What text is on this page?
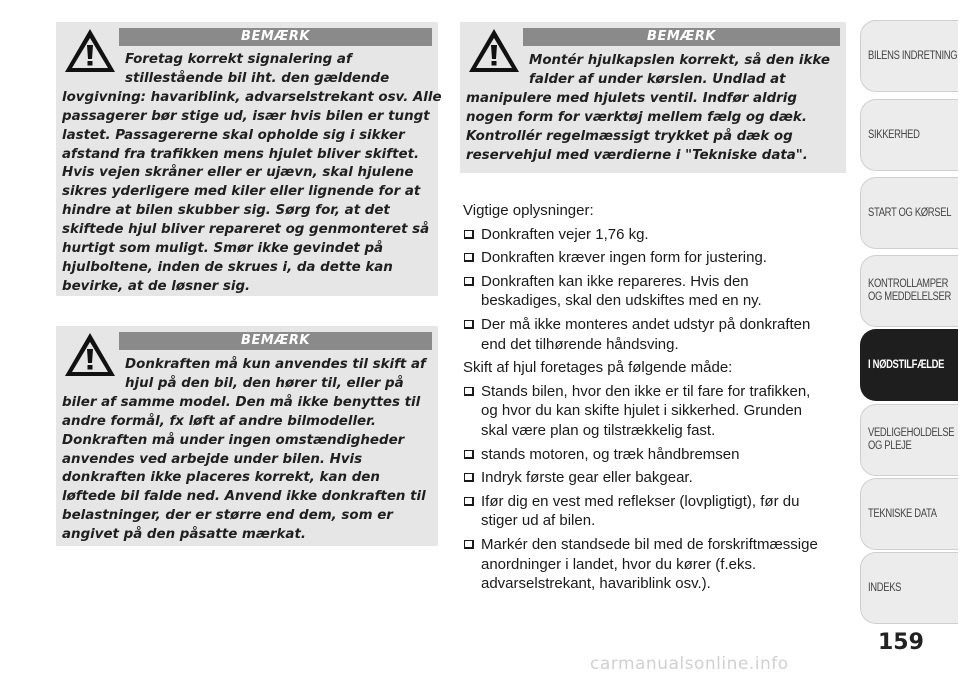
BEMÆRK
Foretag korrekt signalering af
stillestående bil iht. den gældende
lovgivning: havariblink, advarselstrekant osv. Alle
passagerer bør stige ud, især hvis bilen er tungt
lastet. Passagererne skal opholde sig i sikker
afstand fra trafikken mens hjulet bliver skiftet.
Hvis vejen skråner eller er ujævn, skal hjulene
sikres yderligere med kiler eller lignende for at
hindre at bilen skubber sig. Sørg for, at det
skiftede hjul bliver repareret og genmonteret så
hurtigt som muligt. Smør ikke gevindet på
hjulboltene, inden de skrues i, da dette kan
bevirke, at de løsner sig.
BEMÆRK
Donkraften må kun anvendes til skift af
hjul på den bil, den hører til, eller på
biler af samme model. Den må ikke benyttes til
andre formål, fx løft af andre bilmodeller.
Donkraften må under ingen omstændigheder
anvendes ved arbejde under bilen. Hvis
donkraften ikke placeres korrekt, kan den
løftede bil falde ned. Anvend ikke donkraften til
belastninger, der er større end dem, som er
angivet på den påsatte mærkat.
BEMÆRK
Montér hjulkapslen korrekt, så den ikke
falder af under kørslen. Undlad at
manipulere med hjulets ventil. Indfør aldrig
nogen form for værktøj mellem fælg og dæk.
Kontrollér regelmæssigt trykket på dæk og
reservehjul med værdierne i "Tekniske data".
Vigtige oplysninger:
Donkraften vejer 1,76 kg.
Donkraften kræver ingen form for justering.
Donkraften kan ikke repareres. Hvis den
beskadiges, skal den udskiftes med en ny.
Der må ikke monteres andet udstyr på donkraften
end det tilhørende håndsving.
Skift af hjul foretages på følgende måde:
Stands bilen, hvor den ikke er til fare for trafikken,
og hvor du kan skifte hjulet i sikkerhed. Grunden
skal være plan og tilstrækkelig fast.
stands motoren, og træk håndbremsen
Indryk første gear eller bakgear.
Ifør dig en vest med reflekser (lovpligtigt), før du
stiger ud af bilen.
Markér den standsede bil med de forskriftmæssige
anordninger i landet, hvor du kører (f.eks.
advarselstrekant, havariblink osv.).
BILENS INDRETNING
SIKKERHED
START OG KØRSEL
KONTROLLAMPER
OG MEDDELELSER
I NØDSTILFÆLDE
VEDLIGEHOLDELSE
OG PLEJE
TEKNISKE DATA
INDEKS
159
carmanualsonline.info
